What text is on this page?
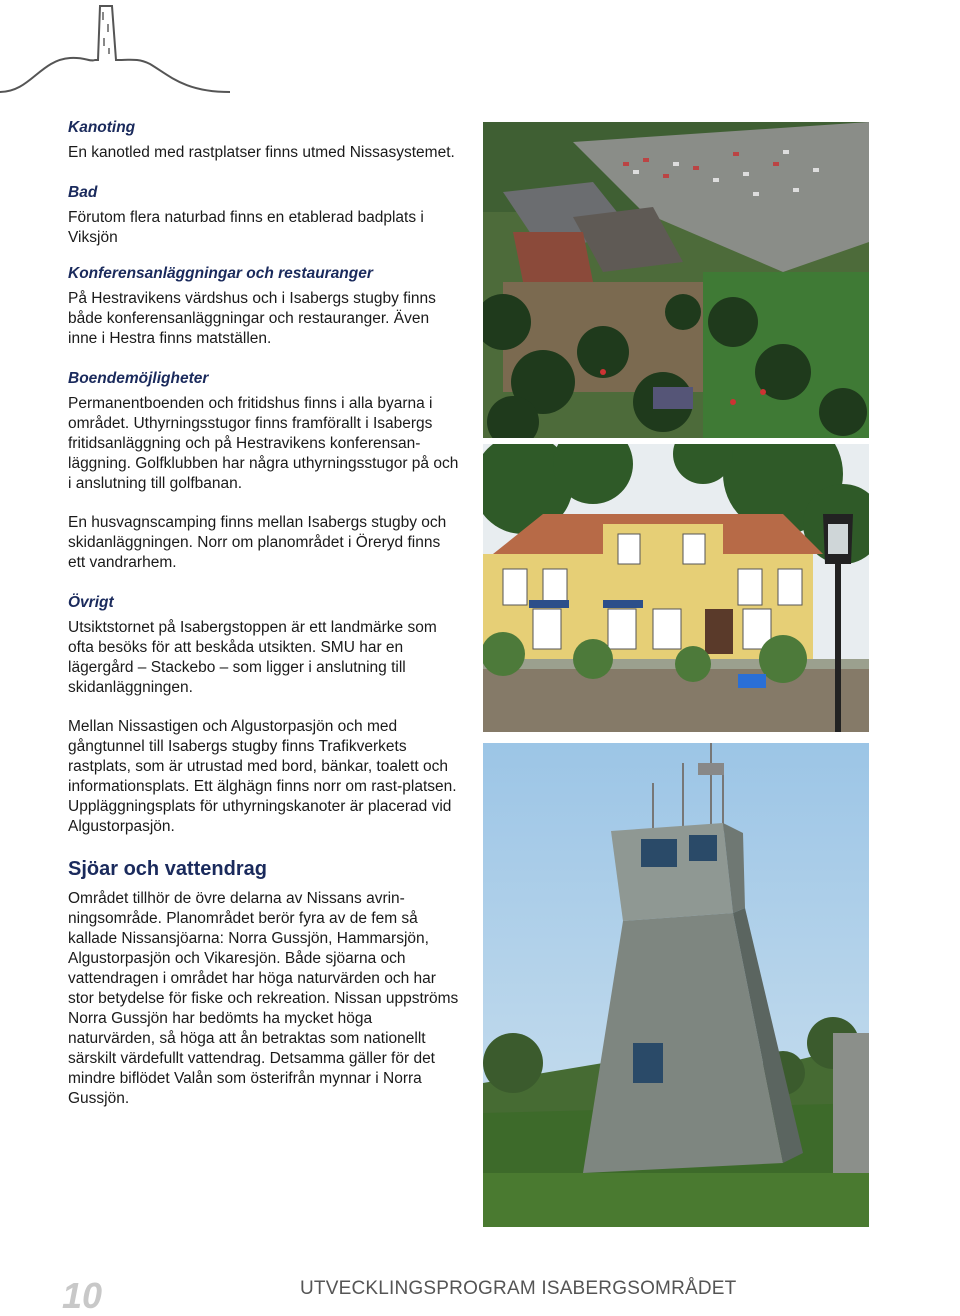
Kanoting

En kanotled med rastplatser finns utmed Nissasystemet.

Bad

Förutom flera naturbad finns en etablerad badplats i Viksjön

Konferensanläggningar och restauranger

På Hestravikens värdshus och i Isabergs stugby finns både konferensanläggningar och restauranger. Även inne i Hestra finns matställen.

Boendemöjligheter

Permanentboenden och fritidshus finns i alla byarna i området. Uthyrningsstugor finns framförallt i Isabergs fritidsanläggning och på Hestravikens konferensan-läggning. Golfklubben har några uthyrningsstugor på och i anslutning till golfbanan.

En husvagnscamping finns mellan Isabergs stugby och skidanläggningen. Norr om planområdet i Öreryd finns ett vandrarhem.

Övrigt

Utsiktstornet på Isabergstoppen är ett landmärke som ofta besöks för att beskåda utsikten. SMU har en lägergård – Stackebo – som ligger i anslutning till skidanläggningen.

Mellan Nissastigen och Algustorpasjön och med gångtunnel till Isabergs stugby finns Trafikverkets rastplats, som är utrustad med bord, bänkar, toalett och informationsplats. Ett älghägn finns norr om rast-platsen. Uppläggningsplats för uthyrningskanoter är placerad vid Algustorpasjön.

Sjöar och vattendrag

Området tillhör de övre delarna av Nissans avrin-ningsområde. Planområdet berör fyra av de fem så kallade Nissansjöarna: Norra Gussjön, Hammarsjön, Algustorpasjön och Vikaresjön. Både sjöarna och vattendragen i området har höga naturvärden och har stor betydelse för fiske och rekreation. Nissan uppströms Norra Gussjön har bedömts ha mycket höga naturvärden, så höga att ån betraktas som nationellt särskilt värdefullt vattendrag. Detsamma gäller för det mindre biflödet Valån som österifrån mynnar i Norra Gussjön.

10	UTVECKLINGSPROGRAM ISABERGSOMRÅDET
